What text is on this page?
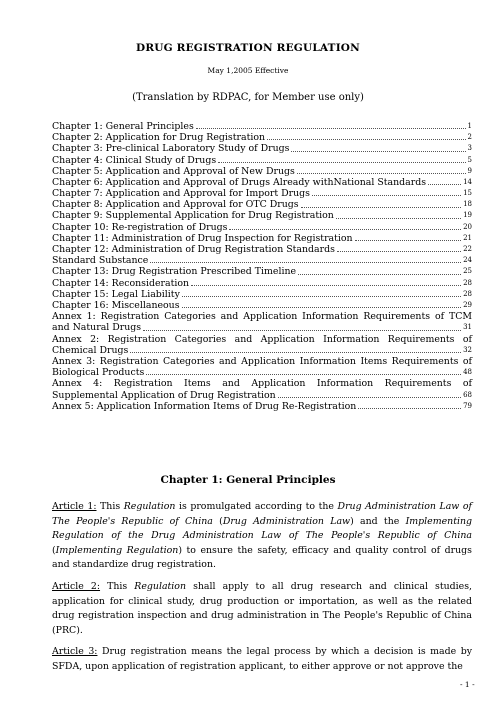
DRUG REGISTRATION REGULATION
May 1,2005 Effective
(Translation by RDPAC, for Member use only)
Chapter 1: General Principles	1
Chapter 2: Application for Drug Registration	2
Chapter 3: Pre-clinical Laboratory Study of Drugs	3
Chapter 4: Clinical Study of Drugs	5
Chapter 5: Application and Approval of New Drugs	9
Chapter 6: Application and Approval of Drugs Already withNational Standards	14
Chapter 7: Application and Approval for Import Drugs	15
Chapter 8: Application and Approval for OTC Drugs	18
Chapter 9: Supplemental Application for Drug Registration	19
Chapter 10: Re-registration of Drugs	20
Chapter 11: Administration of Drug Inspection for Registration	21
Chapter 12: Administration of Drug Registration Standards	22
Standard Substance	24
Chapter 13: Drug Registration Prescribed Timeline	25
Chapter 14: Reconsideration	28
Chapter 15: Legal Liability	28
Chapter 16: Miscellaneous	29
Annex 1: Registration Categories and Application Information Requirements of TCM
and Natural Drugs	31
Annex 2: Registration Categories and Application Information Requirements of
Chemical Drugs	32
Annex 3: Registration Categories and Application Information Items Requirements of
Biological Products	48
Annex 4: Registration Items and Application Information Requirements of
Supplemental Application of Drug Registration	68
Annex 5: Application Information Items of Drug Re-Registration	79
Chapter 1: General Principles

Article 1: This Regulation is promulgated according to the Drug Administration Law of The People's Republic of China (Drug Administration Law) and the Implementing Regulation of the Drug Administration Law of The People's Republic of China (Implementing Regulation) to ensure the safety, efficacy and quality control of drugs and standardize drug registration.

Article 2: This Regulation shall apply to all drug research and clinical studies, application for clinical study, drug production or importation, as well as the related drug registration inspection and drug administration in The People's Republic of China (PRC).

Article 3: Drug registration means the legal process by which a decision is made by SFDA, upon application of registration applicant, to either approve or not approve the

- 1 -
